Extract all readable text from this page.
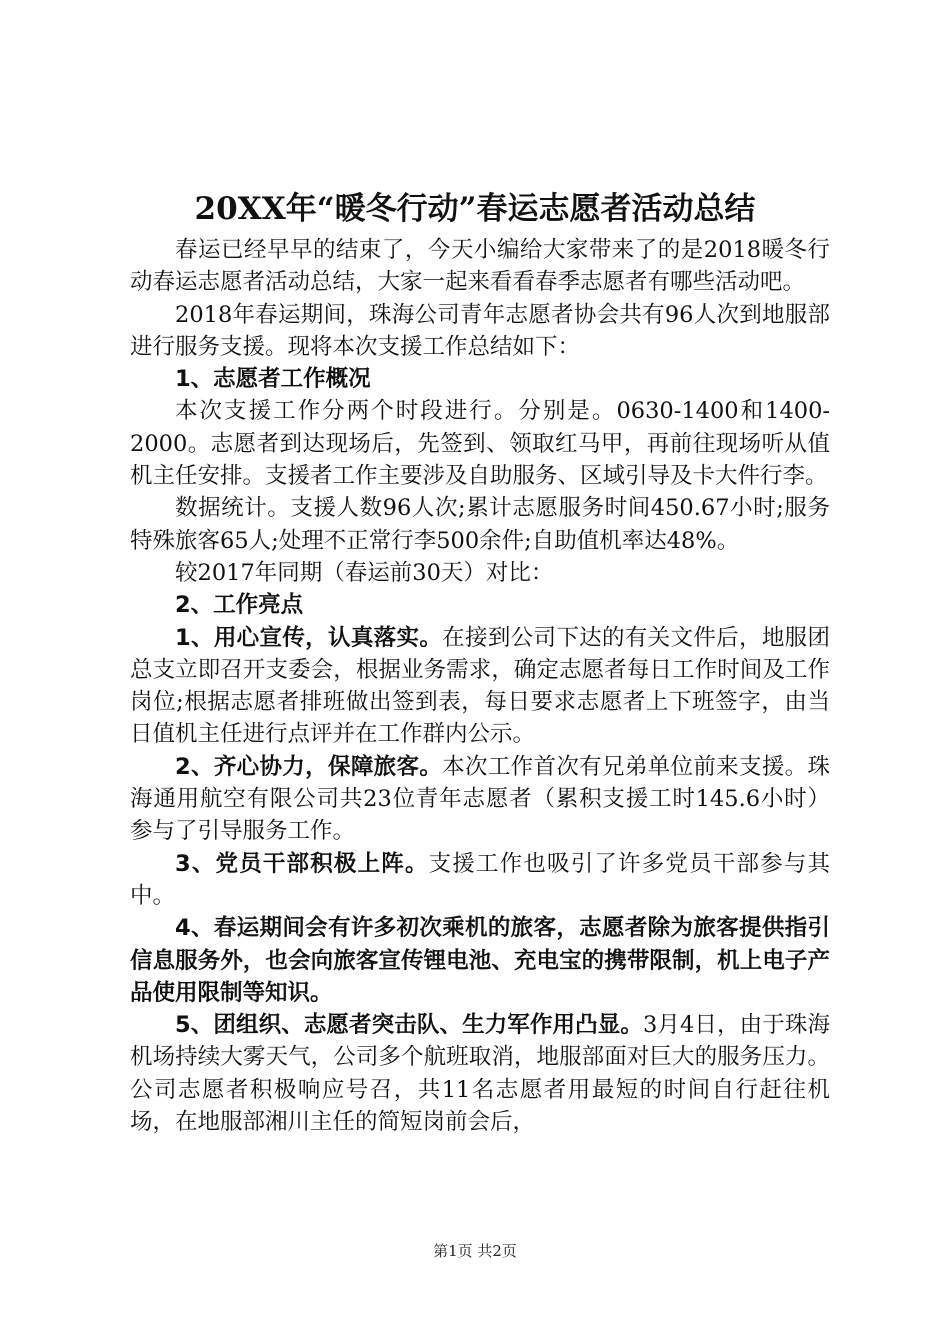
20XX年“暖冬行动”春运志愿者活动总结

春运已经早早的结束了，今天小编给大家带来了的是2018暖冬行动春运志愿者活动总结，大家一起来看看春季志愿者有哪些活动吧。

2018年春运期间，珠海公司青年志愿者协会共有96人次到地服部进行服务支援。现将本次支援工作总结如下：

1、志愿者工作概况

本次支援工作分两个时段进行。分别是。0630-1400和1400-2000。志愿者到达现场后，先签到、领取红马甲，再前往现场听从值机主任安排。支援者工作主要涉及自助服务、区域引导及卡大件行李。

数据统计。支援人数96人次;累计志愿服务时间450.67小时;服务特殊旅客65人;处理不正常行李500余件;自助值机率达48%。

较2017年同期（春运前30天）对比：

2、工作亮点

1、用心宣传，认真落实。在接到公司下达的有关文件后，地服团总支立即召开支委会，根据业务需求，确定志愿者每日工作时间及工作岗位;根据志愿者排班做出签到表，每日要求志愿者上下班签字，由当日值机主任进行点评并在工作群内公示。

2、齐心协力，保障旅客。本次工作首次有兄弟单位前来支援。珠海通用航空有限公司共23位青年志愿者（累积支援工时145.6小时）参与了引导服务工作。

3、党员干部积极上阵。支援工作也吸引了许多党员干部参与其中。

4、春运期间会有许多初次乘机的旅客，志愿者除为旅客提供指引信息服务外，也会向旅客宣传锂电池、充电宝的携带限制，机上电子产品使用限制等知识。

5、团组织、志愿者突击队、生力军作用凸显。3月4日，由于珠海机场持续大雾天气，公司多个航班取消，地服部面对巨大的服务压力。公司志愿者积极响应号召，共11名志愿者用最短的时间自行赶往机场，在地服部湘川主任的简短岗前会后，

第1页 共2页
